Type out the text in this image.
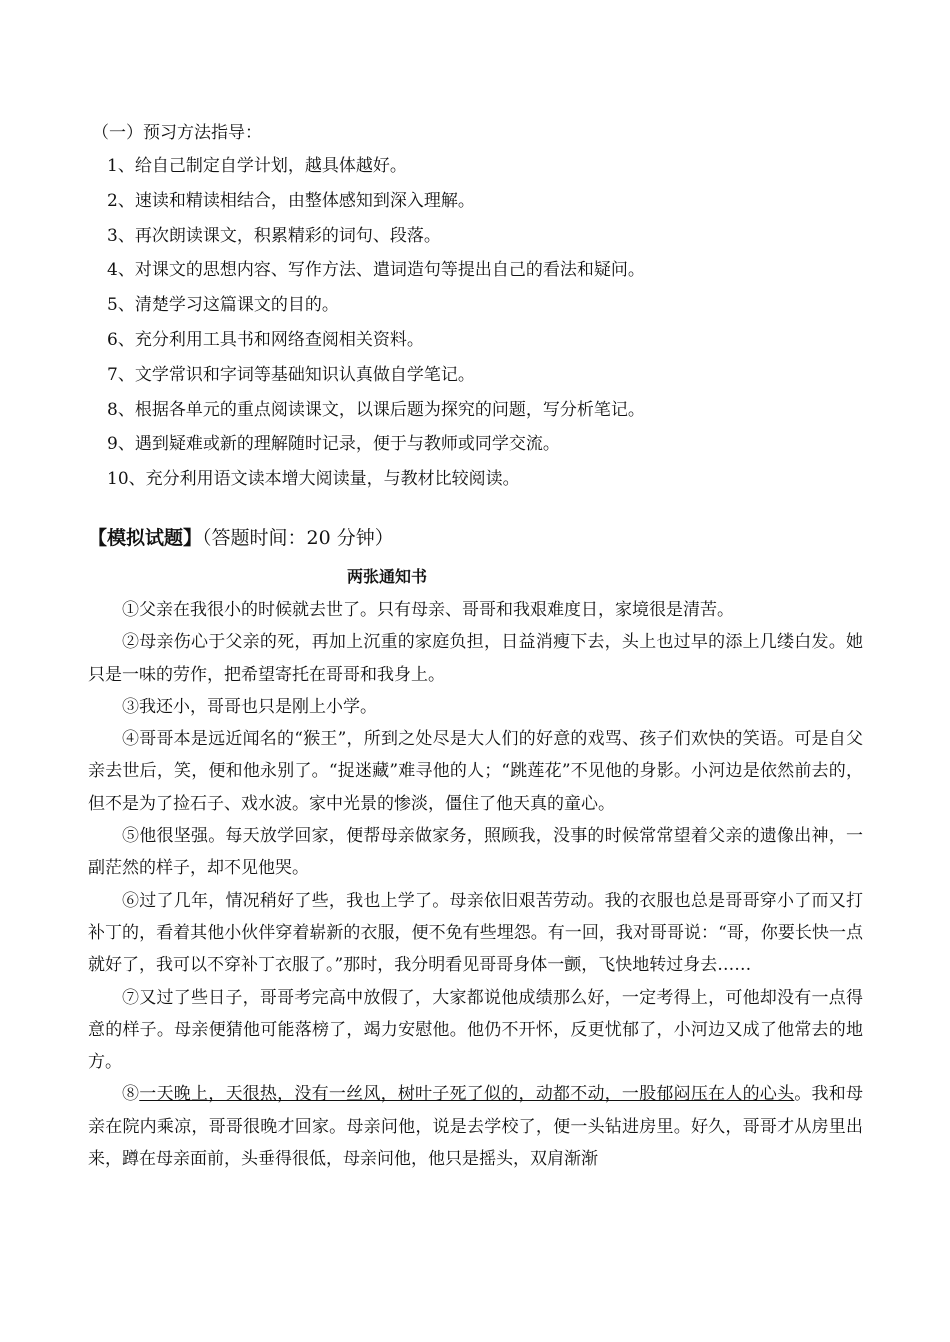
（一）预习方法指导：
1、给自己制定自学计划，越具体越好。
2、速读和精读相结合，由整体感知到深入理解。
3、再次朗读课文，积累精彩的词句、段落。
4、对课文的思想内容、写作方法、遣词造句等提出自己的看法和疑问。
5、清楚学习这篇课文的目的。
6、充分利用工具书和网络查阅相关资料。
7、文学常识和字词等基础知识认真做自学笔记。
8、根据各单元的重点阅读课文，以课后题为探究的问题，写分析笔记。
9、遇到疑难或新的理解随时记录，便于与教师或同学交流。
10、充分利用语文读本增大阅读量，与教材比较阅读。
【模拟试题】（答题时间：20 分钟）
两张通知书

①父亲在我很小的时候就去世了。只有母亲、哥哥和我艰难度日，家境很是清苦。

②母亲伤心于父亲的死，再加上沉重的家庭负担，日益消瘦下去，头上也过早的添上几缕白发。她只是一味的劳作，把希望寄托在哥哥和我身上。

③我还小，哥哥也只是刚上小学。

④哥哥本是远近闻名的“猴王”，所到之处尽是大人们的好意的戏骂、孩子们欢快的笑语。可是自父亲去世后，笑，便和他永别了。“捉迷藏”难寻他的人；“跳莲花”不见他的身影。小河边是依然前去的，但不是为了捡石子、戏水波。家中光景的惨淡，僵住了他天真的童心。

⑤他很坚强。每天放学回家，便帮母亲做家务，照顾我，没事的时候常常望着父亲的遗像出神，一副茫然的样子，却不见他哭。

⑥过了几年，情况稍好了些，我也上学了。母亲依旧艰苦劳动。我的衣服也总是哥哥穿小了而又打补丁的，看着其他小伙伴穿着崭新的衣服，便不免有些埋怨。有一回，我对哥哥说：“哥，你要长快一点就好了，我可以不穿补丁衣服了。”那时，我分明看见哥哥身体一颤，飞快地转过身去……

⑦又过了些日子，哥哥考完高中放假了，大家都说他成绩那么好，一定考得上，可他却没有一点得意的样子。母亲便猜他可能落榜了，竭力安慰他。他仍不开怀，反更忧郁了，小河边又成了他常去的地方。

⑧一天晚上，天很热，没有一丝风，树叶子死了似的，动都不动，一股郁闷压在人的心头。我和母亲在院内乘凉，哥哥很晚才回家。母亲问他，说是去学校了，便一头钻进房里。好久，哥哥才从房里出来，蹲在母亲面前，头垂得很低，母亲问他，他只是摇头，双肩渐渐
